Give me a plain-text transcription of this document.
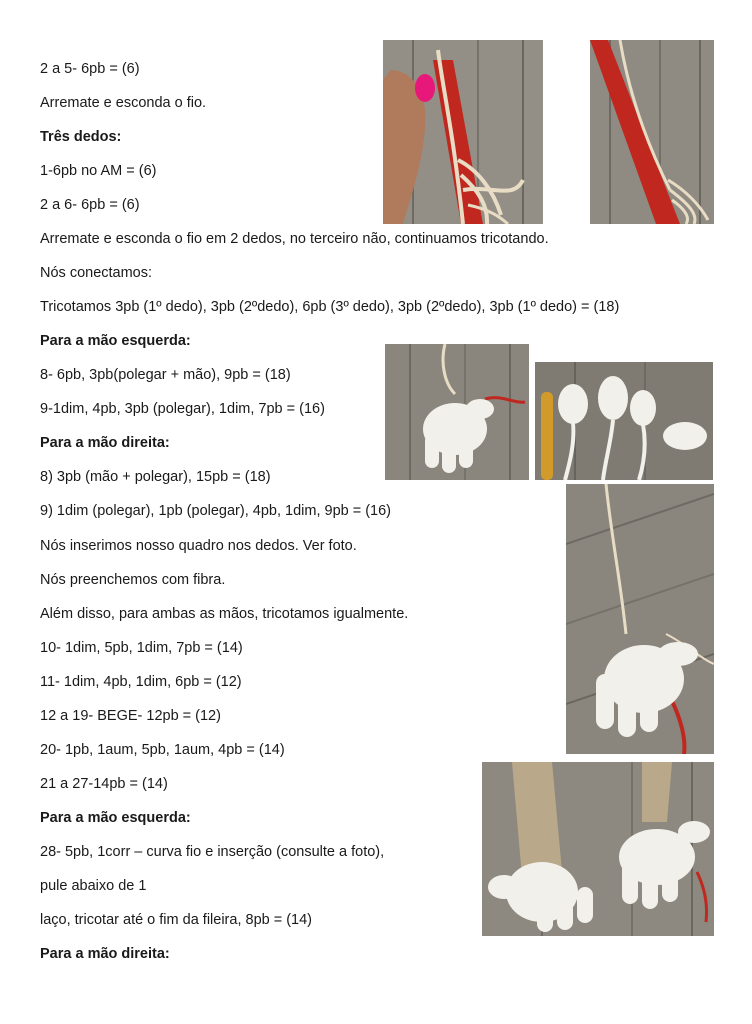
2 a 5- 6pb = (6)
Arremate e esconda o fio.
Três dedos:
1-6pb no AM = (6)
2 a 6- 6pb = (6)
Arremate e esconda o fio em 2 dedos, no terceiro não, continuamos tricotando.
Nós conectamos:
Tricotamos 3pb (1º dedo), 3pb (2ºdedo), 6pb (3º dedo), 3pb (2ºdedo), 3pb (1º dedo) = (18)
Para a mão esquerda:
8- 6pb, 3pb(polegar + mão), 9pb = (18)
9-1dim, 4pb, 3pb (polegar), 1dim, 7pb = (16)
Para a mão direita:
8) 3pb (mão + polegar), 15pb = (18)
9) 1dim (polegar), 1pb (polegar), 4pb, 1dim, 9pb = (16)
Nós inserimos nosso quadro nos dedos. Ver foto.
Nós preenchemos com fibra.
Além disso, para ambas as mãos, tricotamos igualmente.
10- 1dim, 5pb, 1dim, 7pb = (14)
11- 1dim, 4pb, 1dim, 6pb = (12)
12 a 19- BEGE- 12pb = (12)
20- 1pb, 1aum, 5pb, 1aum, 4pb = (14)
21 a 27-14pb = (14)
Para a mão esquerda:
28- 5pb, 1corr – curva fio e inserção (consulte a foto),
pule abaixo de 1
laço, tricotar até o fim da fileira, 8pb = (14)
Para a mão direita:
